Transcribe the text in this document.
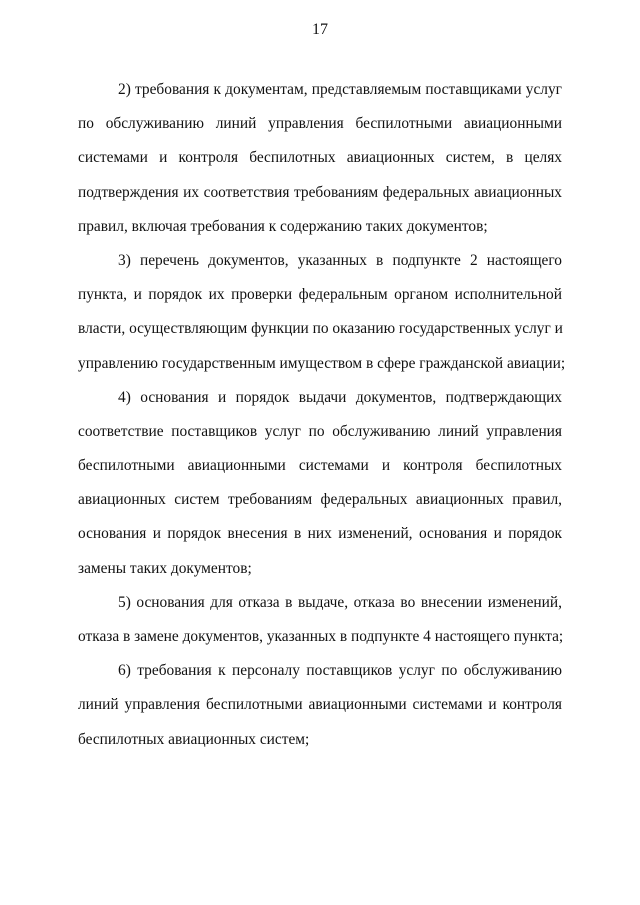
17
2) требования к документам, представляемым поставщиками услуг
по обслуживанию линий управления беспилотными авиационными
системами и контроля беспилотных авиационных систем, в целях
подтверждения их соответствия требованиям федеральных авиационных
правил, включая требования к содержанию таких документов;
3) перечень документов, указанных в подпункте 2 настоящего
пункта, и порядок их проверки федеральным органом исполнительной
власти, осуществляющим функции по оказанию государственных услуг и
управлению государственным имуществом в сфере гражданской авиации;
4) основания и порядок выдачи документов, подтверждающих
соответствие поставщиков услуг по обслуживанию линий управления
беспилотными авиационными системами и контроля беспилотных
авиационных систем требованиям федеральных авиационных правил,
основания и порядок внесения в них изменений, основания и порядок
замены таких документов;
5) основания для отказа в выдаче, отказа во внесении изменений,
отказа в замене документов, указанных в подпункте 4 настоящего пункта;
6) требования к персоналу поставщиков услуг по обслуживанию
линий управления беспилотными авиационными системами и контроля
беспилотных авиационных систем;
